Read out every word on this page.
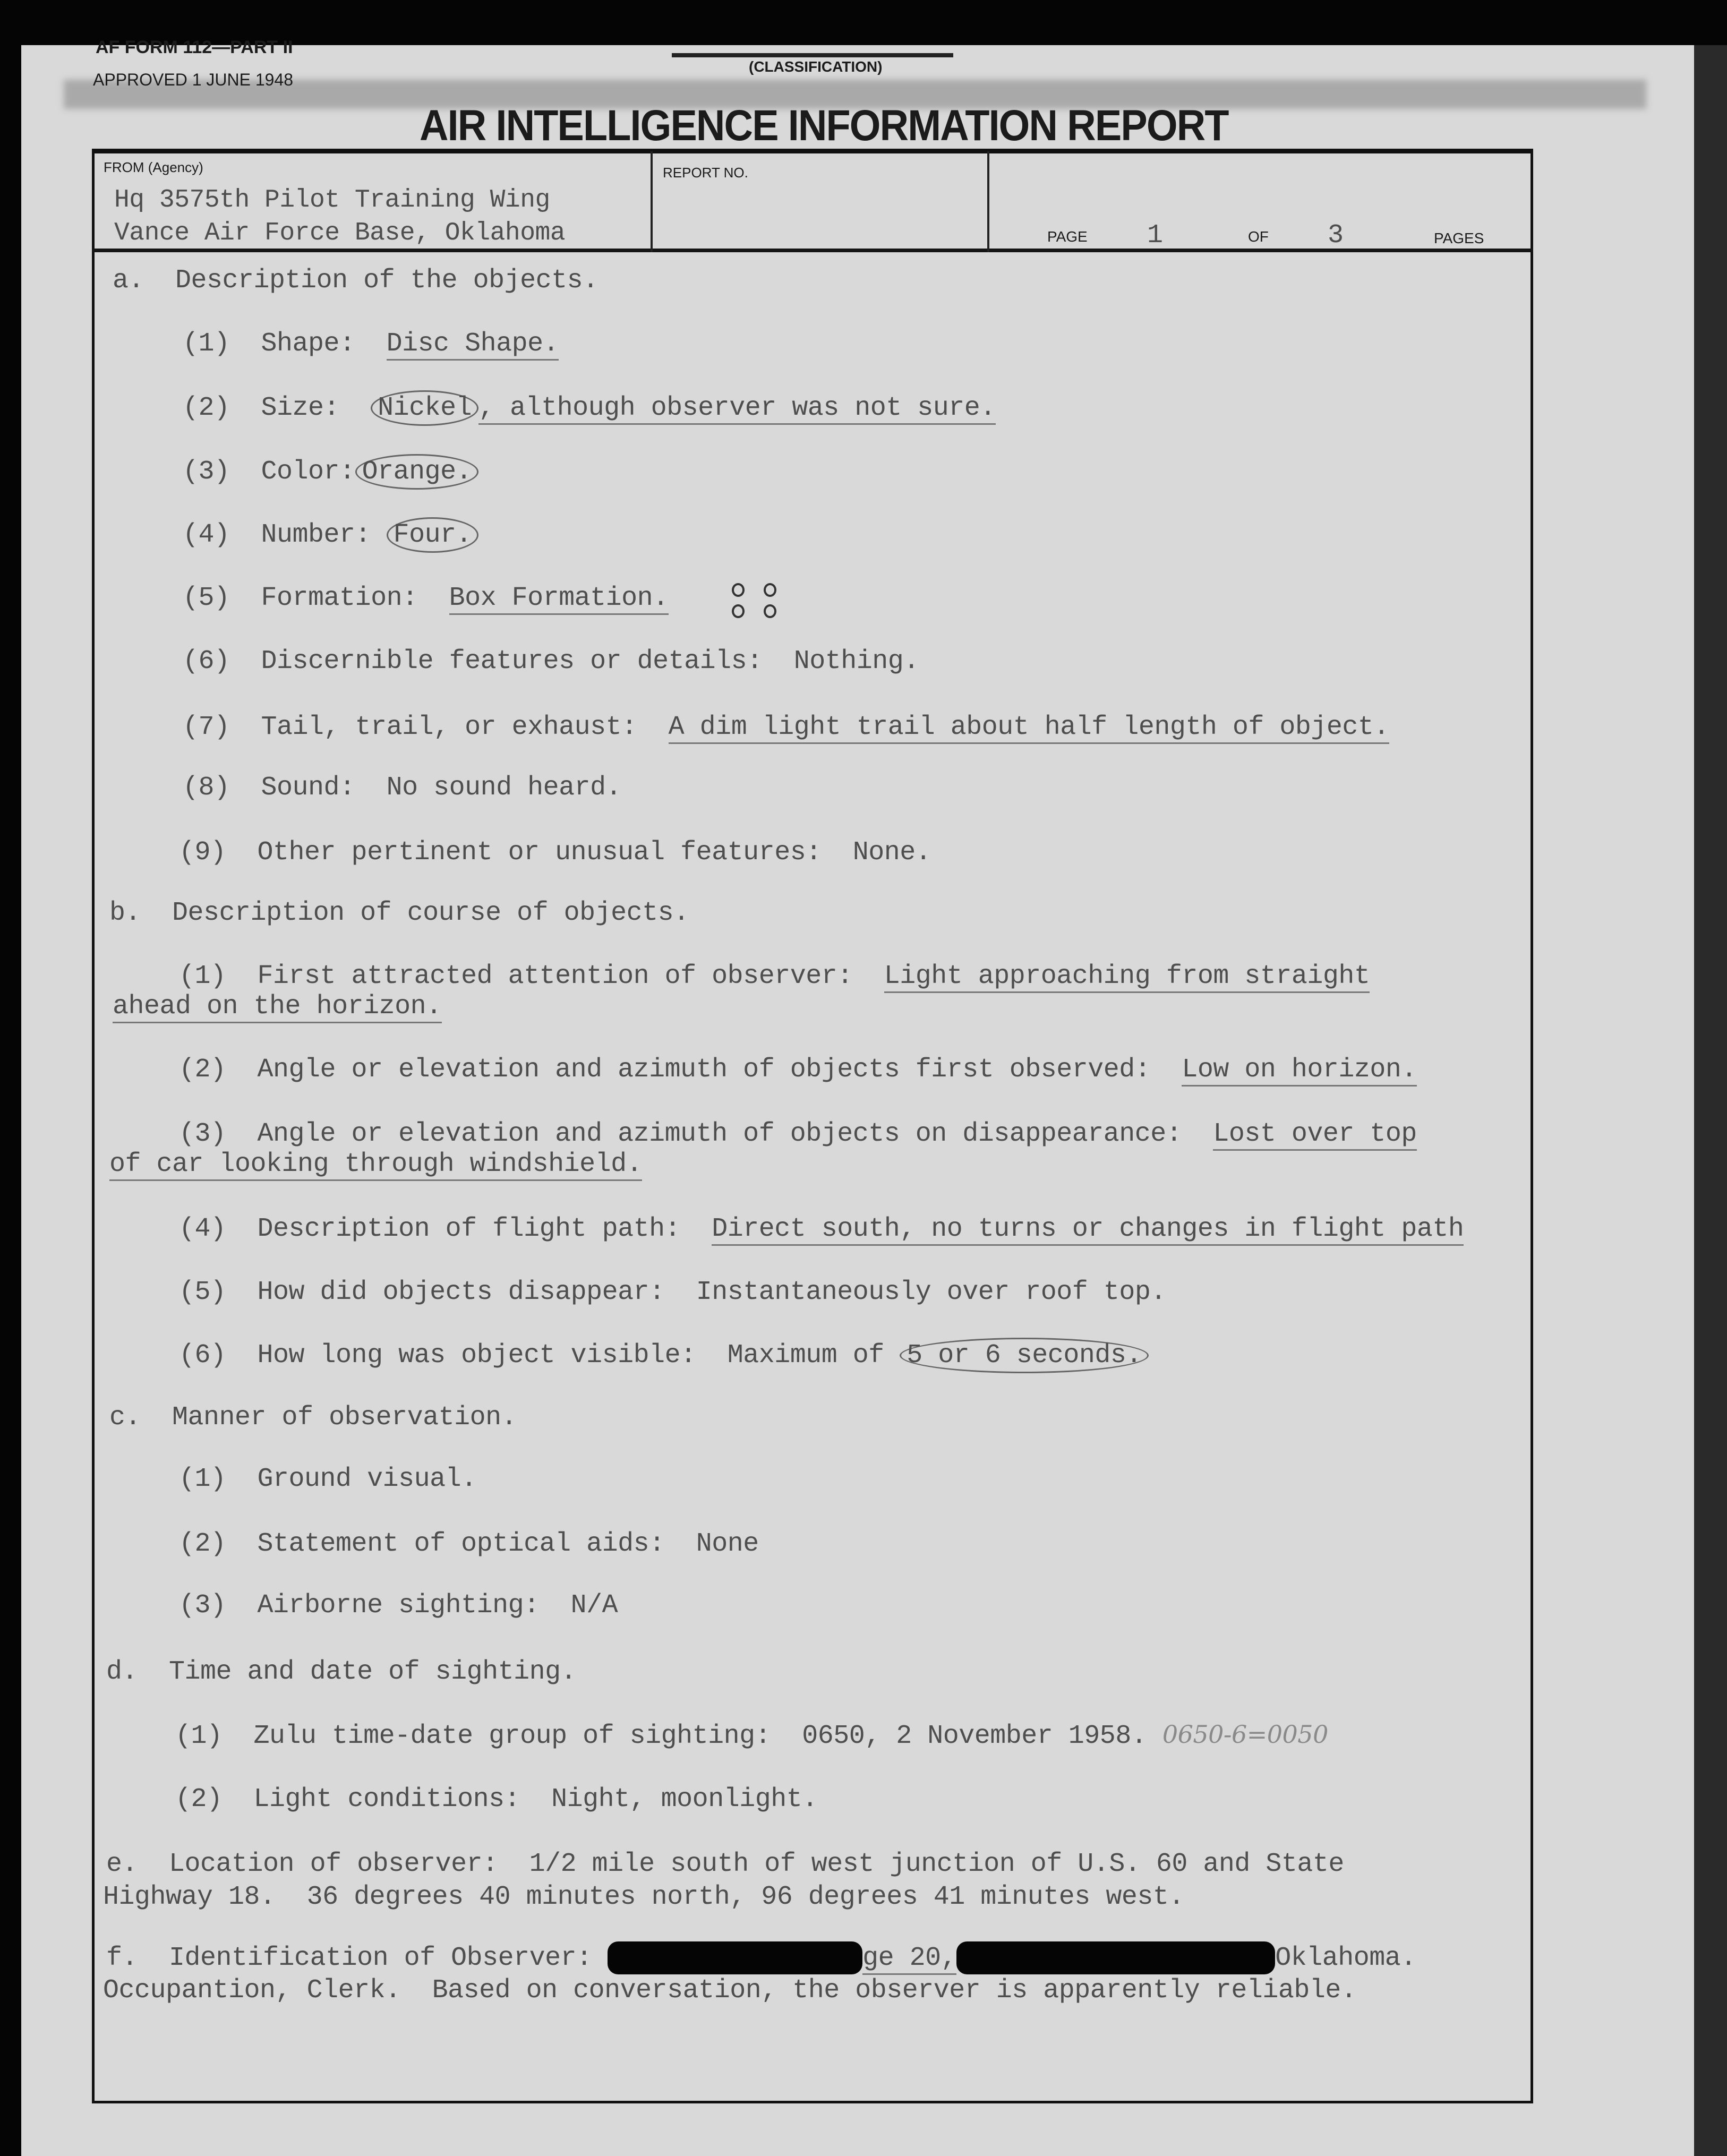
AF FORM 112—PART II
APPROVED 1 JUNE 1948
(CLASSIFICATION)
AIR INTELLIGENCE INFORMATION REPORT
FROM (Agency)
Hq 3575th Pilot Training Wing
Vance Air Force Base, Oklahoma
REPORT NO.
PAGE 1	OF 3	PAGES
a.  Description of the objects.
(1) Shape: Disc Shape.
(2) Size: Nickel , although observer was not sure.
(3) Color: Orange.
(4) Number: Four.
(5) Formation: Box Formation.
(6) Discernible features or details: Nothing.
(7) Tail, trail, or exhaust: A dim light trail about half length of object.
(8) Sound: No sound heard.
(9) Other pertinent or unusual features: None.
b.  Description of course of objects.
(1) First attracted attention of observer: Light approaching from straight
ahead on the horizon.
(2) Angle or elevation and azimuth of objects first observed: Low on horizon.
(3) Angle or elevation and azimuth of objects on disappearance: Lost over top
of car looking through windshield.
(4) Description of flight path: Direct south, no turns or changes in flight path
(5) How did objects disappear: Instantaneously over roof top.
(6) How long was object visible: Maximum of 5 or 6 seconds.
c.  Manner of observation.
(1) Ground visual.
(2) Statement of optical aids: None
(3) Airborne sighting: N/A
d.  Time and date of sighting.
(1) Zulu time-date group of sighting: 0650, 2 November 1958. 0650-6=0050
(2) Light conditions: Night, moonlight.
e.  Location of observer:  1/2 mile south of west junction of U.S. 60 and State
Highway 18.  36 degrees 40 minutes north, 96 degrees 41 minutes west.
f.  Identification of Observer:	ge 20,	Oklahoma.
Occupantion, Clerk.  Based on conversation, the observer is apparently reliable.
